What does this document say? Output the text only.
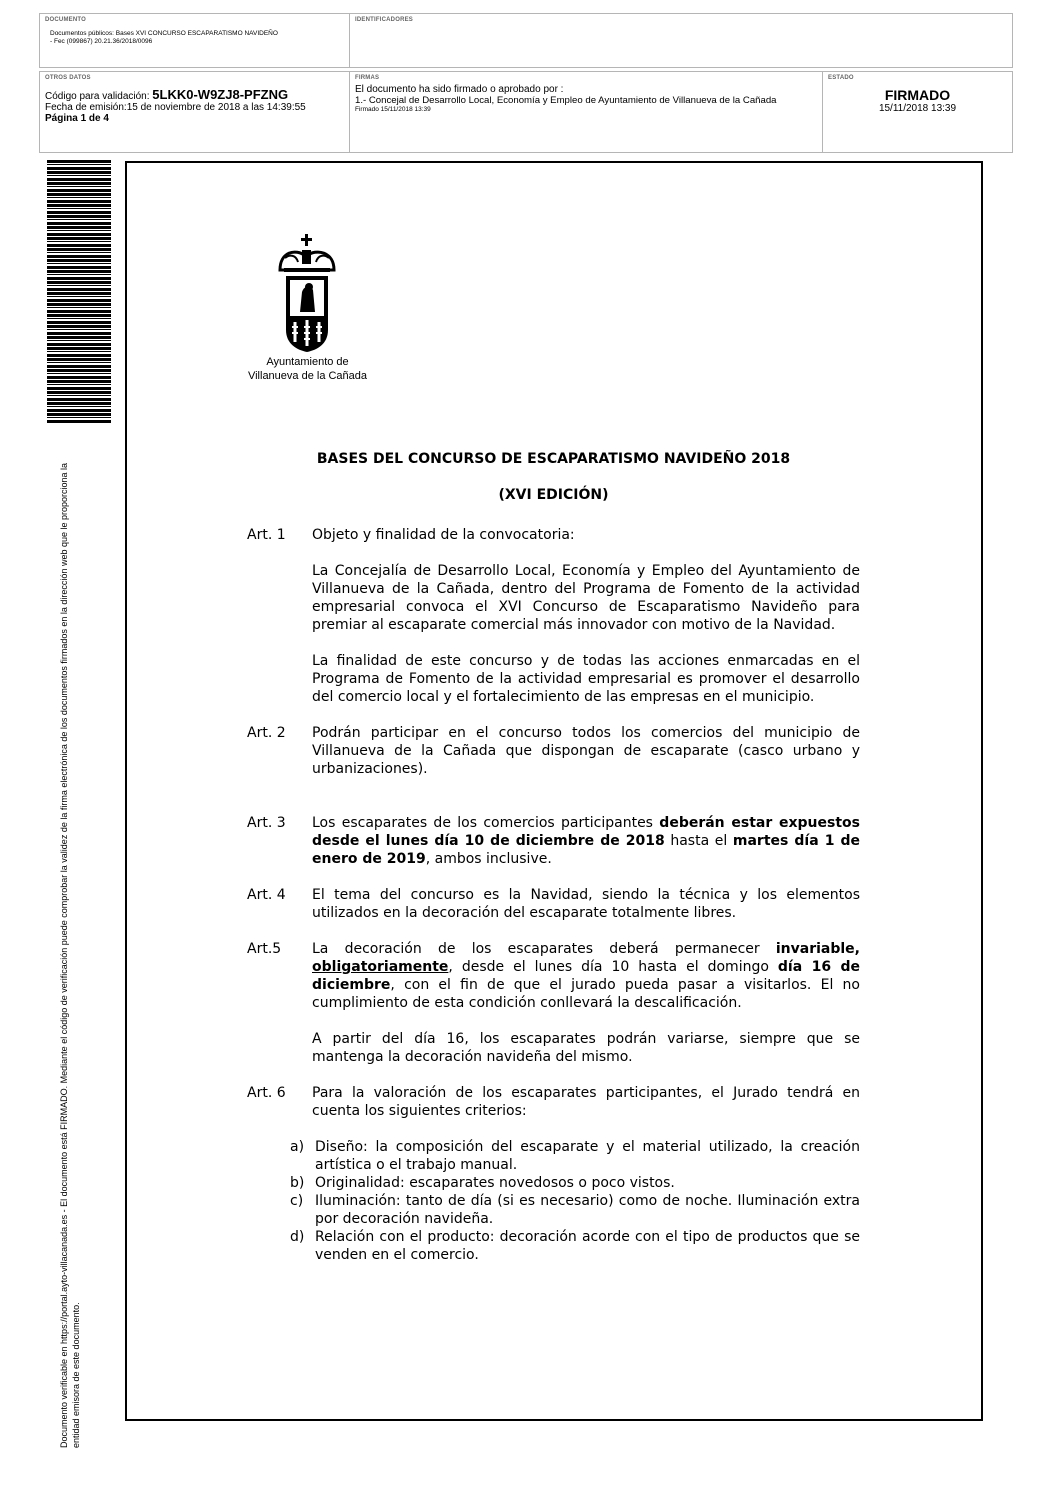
DOCUMENTO
Documentos públicos: Bases XVI CONCURSO ESCAPARATISMO NAVIDEÑO
- Fec (099867) 20.21.36/2018/0096
IDENTIFICADORES
OTROS DATOS
Código para validación: 5LKK0-W9ZJ8-PFZNG
Fecha de emisión:15 de noviembre de 2018 a las 14:39:55
Página 1 de 4
FIRMAS
El documento ha sido firmado o aprobado por :
1.- Concejal de Desarrollo Local, Economía y Empleo de Ayuntamiento de Villanueva de la Cañada
Firmado 15/11/2018 13:39
ESTADO
FIRMADO
15/11/2018 13:39
Documento verificable en https://portal.ayto-villacanada.es - El documento está FIRMADO. Mediante el código de verificación puede comprobar la validez de la firma electrónica de los documentos firmados en la dirección web que le proporciona la entidad emisora de este documento.
Ayuntamiento de
Villanueva de la Cañada

BASES DEL CONCURSO DE ESCAPARATISMO NAVIDEÑO 2018

(XVI EDICIÓN)

Art. 1	Objeto y finalidad de la convocatoria:

La Concejalía de Desarrollo Local, Economía y Empleo del Ayuntamiento de Villanueva de la Cañada, dentro del Programa de Fomento de la actividad empresarial convoca el XVI Concurso de Escaparatismo Navideño para premiar al escaparate comercial más innovador con motivo de la Navidad.

La finalidad de este concurso y de todas las acciones enmarcadas en el Programa de Fomento de la actividad empresarial es promover el desarrollo del comercio local y el fortalecimiento de las empresas en el municipio.

Art. 2	Podrán participar en el concurso todos los comercios del municipio de Villanueva de la Cañada que dispongan de escaparate (casco urbano y urbanizaciones).

Art. 3	Los escaparates de los comercios participantes deberán estar expuestos desde el lunes día 10 de diciembre de 2018 hasta el martes día 1 de enero de 2019, ambos inclusive.

Art. 4	El tema del concurso es la Navidad, siendo la técnica y los elementos utilizados en la decoración del escaparate totalmente libres.

Art.5	La decoración de los escaparates deberá permanecer invariable, obligatoriamente, desde el lunes día 10 hasta el domingo día 16 de diciembre, con el fin de que el jurado pueda pasar a visitarlos. El no cumplimiento de esta condición conllevará la descalificación.

A partir del día 16, los escaparates podrán variarse, siempre que se mantenga la decoración navideña del mismo.

Art. 6	Para la valoración de los escaparates participantes, el Jurado tendrá en cuenta los siguientes criterios:

a) Diseño: la composición del escaparate y el material utilizado, la creación artística o el trabajo manual.
b) Originalidad: escaparates novedosos o poco vistos.
c) Iluminación: tanto de día (si es necesario) como de noche. Iluminación extra por decoración navideña.
d) Relación con el producto: decoración acorde con el tipo de productos que se venden en el comercio.
